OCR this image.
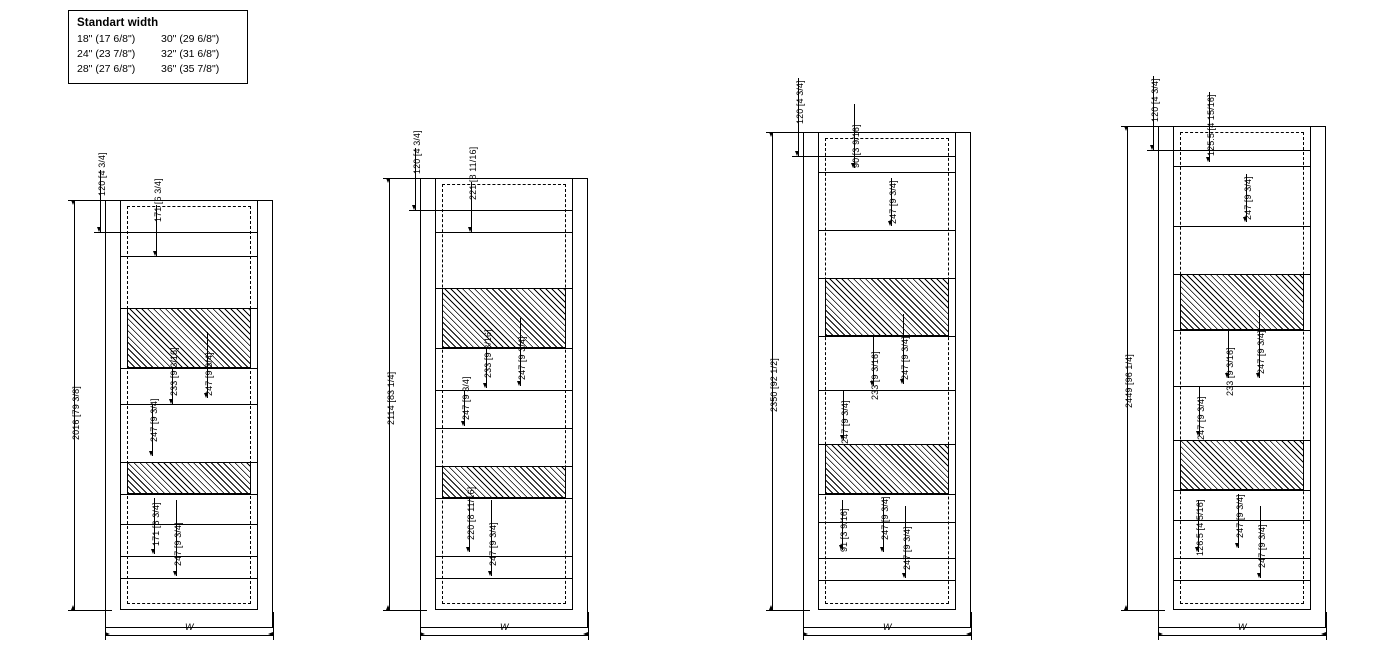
Standart width
18" (17 6/8")	30" (29 6/8")
24" (23 7/8")	32" (31 6/8")
28" (27 6/8")	36" (35 7/8")
2016 [79 3/8]
120 [4 3/4]
171 [6 3/4]
233 [9 3/16]	247 [9 3/4]
247 [9 3/4]
171 [6 3/4] 247 [9 3/4]
W
2114 [83 1/4]
120 [4 3/4]	221 [8 11/16]
233 [9 3/16]	247 [9 3/4]
247 [9 3/4]
220 [8 11/16]
247 [9 3/4]
W
2350 [92 1/2]
120 [4 3/4]
90 [3 9/16]
247 [9 3/4]
233 [9 3/16] 247 [9 3/4]
247 [9 3/4]
247 [9 3/4]
91 [3 9/16]	247 [9 3/4]
W
2449 [96 1/4]
120 [4 3/4]	125.5 [4 15/16]
247 [9 3/4]
233 [9 3/16] 247 [9 3/4]
247 [9 3/4]
247 [9 3/4]
126.5 [4 5/16]	247 [9 3/4]
W
